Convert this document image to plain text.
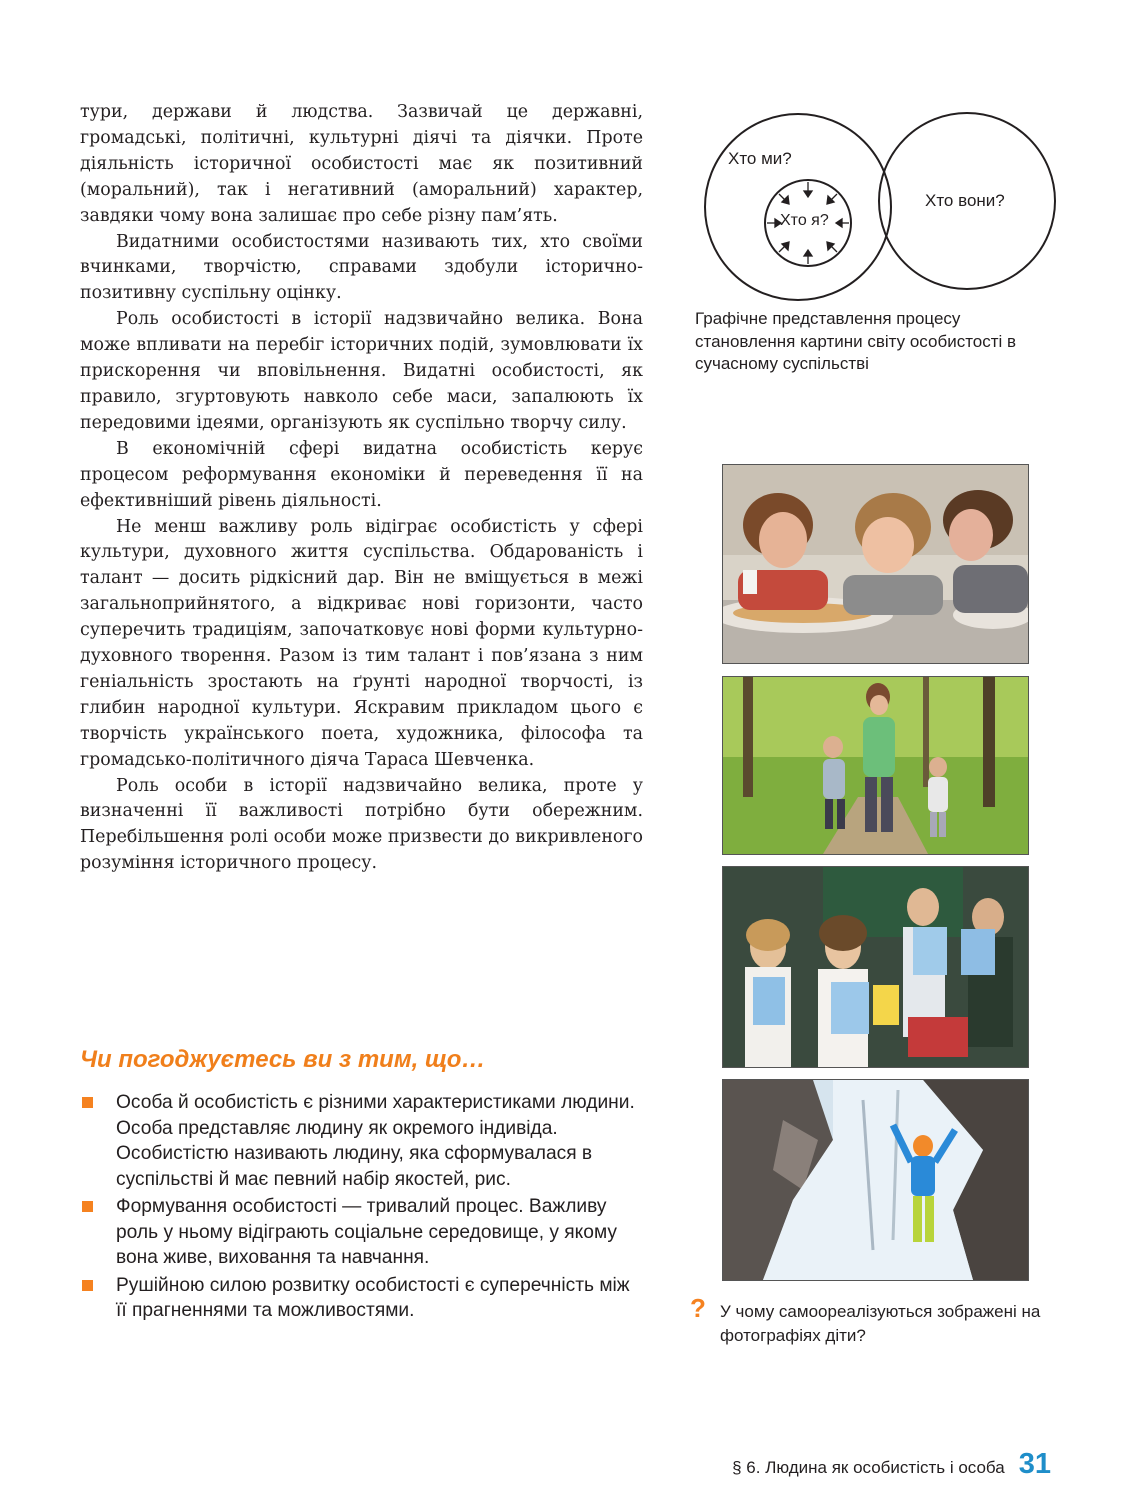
тури, держави й людства. Зазвичай це державні, громадські, політичні, культурні діячі та діячки. Проте діяльність історичної особистості має як позитивний (моральний), так і негативний (аморальний) характер, завдяки чому вона залишає про себе різну пам’ять.

Видатними особистостями називають тих, хто своїми вчинками, творчістю, справами здобули історично-позитивну суспільну оцінку.

Роль особистості в історії надзвичайно велика. Вона може впливати на перебіг історичних подій, зумовлювати їх прискорення чи вповільнення. Видатні особистості, як правило, згуртовують навколо себе маси, запалюють їх передовими ідеями, організують як суспільно творчу силу.

В економічній сфері видатна особистість керує процесом реформування економіки й переведення її на ефективніший рівень діяльності.

Не менш важливу роль відіграє особистість у сфері культури, духовного життя суспільства. Обдарованість і талант — досить рідкісний дар. Він не вміщується в межі загальноприйнятого, а відкриває нові горизонти, часто суперечить традиціям, започатковує нові форми культурно-духовного творення. Разом із тим талант і пов’язана з ним геніальність зростають на ґрунті народної творчості, із глибин народної культури. Яскравим прикладом цього є творчість українського поета, художника, філософа та громадсько-політичного діяча Тараса Шевченка.

Роль особи в історії надзвичайно велика, проте у визначенні її важливості потрібно бути обережним. Перебільшення ролі особи може призвести до викривленого розуміння історичного процесу.

Чи погоджуєтесь ви з тим, що…
Особа й особистість є різними характеристиками людини. Особа представляє людину як окремого індивіда. Особистістю називають людину, яка сформувалася в суспільстві й має певний набір якостей, рис.
Формування особистості — тривалий процес. Важливу роль у ньому відіграють соціальне середовище, у якому вона живе, виховання та навчання.
Рушійною силою розвитку особистості є суперечність між її прагненнями та можливостями.
Хто ми?
Хто я?
Хто вони?
Графічне представлення процесу становлення картини світу особистості в сучасному суспільстві
? У чому самоореалізуються зображені на фотографіях діти?
§ 6. Людина як особистість і особа 31
